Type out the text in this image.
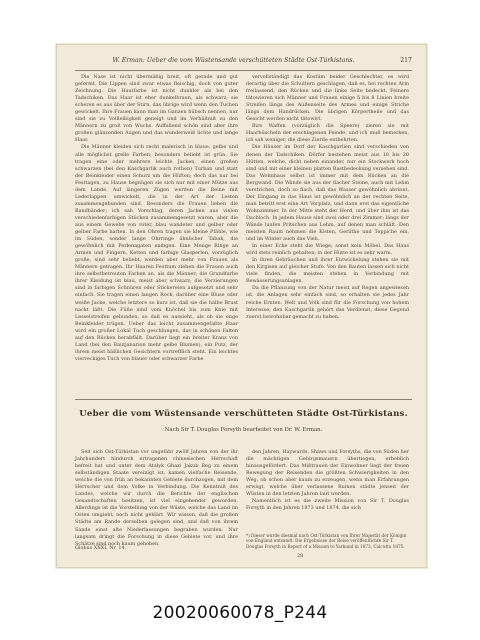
W. Erman: Ueber die vom Wüstensande verschütteten Städte Ost-Türkistans.	217

Die Nase ist nicht übermäßig breit, oft gerade und gut geformt. Die Lippen sind zwar etwas fleischig, doch von guter Zeichnung. Die Hautfarbe ist nicht dunkler als bei den Tadschiken. Das Haar ist eher dunkelbraun, als schwarz; sie scheren es aus über der Stirn, das übrige wird wenn den Tuchen gewickelt. Ihre Frauen kann man im Ganzen hübsch nennen, nur sind sie zu Vollleibigkeit geneigt und im Verhältniß zu den Männern zu groß von Wuchs. Auffallend schön sind aber ihre großen glänzenden Augen und das wunderweiß lichte und lange Haar.

Die Männer kleiden sich recht malerisch in blaue, gelbe und alle möglichst grelle Farben; besonders beliebt ist grün. Sie tragen eine oder mehrere leichte Jacken, einen großen schwarzen (bei den Kaschgarlik auch rothen) Turban und statt der Beinkleider einen Schurz um die Hüften; doch das nur bei Festtagen, zu Hause begnügen sie sich nur mit einer Mütze aus dem Lande. Auf längeren Zügen werden die Beine mit Lederlappen umwickelt, die in der Art der Lesten zusammengebunden sind. Besonders die Frauen lieben die Bandbänder; ich sah Vorschlag, deren Jacken aus vielen verschiedenfarbigen Stücken zusammengesetzt waren, aber die aus einem Gewebe von roter, blau wandeter und gelber oder gelber Farbe hatten. In den Ohren tragen sie kleine Pfähle, wie im Süden, sonder lange Ohrringe ähnlicher Tabak, die gewöhnlich mit Perlenagaten endigen. Eine Menge Ringe an Armen und Fingern, Ketten und farbige Glasperlen, vorzüglich große, sind sehr beliebt, werden aber mehr von Frauen als Männern getragen. Ihr Haaren Festtum ziehen die Frauen auch ihre selbstbetreuten Farben an, als die Männer; die Grundfarbe ihrer Kleidung ist blau, meist aber schwarz; die Verzierungen sind in farbigen Schnüren oder Stickereien aufgesetzt und sehr einfach. Sie tragen einen langen Rock, darüber eine Bluse oder weiße Jacke, welche letztere so kurz ist, daß sie die halbe Brust nackt läßt. Die Füße sind vom Knöchel bis zum Knie mit Lesselstreifen gebunden, so daß es aussieht, als ob sie enge Beinkleider trügen. Ueber das leicht zusammengefaßte Haar wird ein großer Lokal Tuch geschlungen, das in schönen Falten auf den Rücken herabfällt. Darüber liegt ein breiter Kranz von Land (bei den Bautjanarion mehr gelbe Blumen), ein Putz, der ihrem meist häßlichen Gesichtern vortrefflich steht. Ein leichtes vierreckiges Tuch von blauer oder schwarzer Farbe

vervollständigt das Kostüm beider Geschlechter, es wird derartig über die Schultern geschlagen, daß es, bei rechten Arm freilassend, den Rücken und die linke Seite bedeckt. Feinere tätowieren sich Männer und Frauen einige 5 bis 8 Linien breite Streifen längs des Außenseite des Armes und einige Striche längs dem Handrücken. Die übrigen Körpertheile und das Gesicht werden nicht tätowirt.

Ihre Waffen (vorzüglich die Speere) zieren sie mit Haarbüscheln der erschlagenen Feinde, und ich muß bemerken, ich sah weniger, die diese Zierde entbehrten.

Die Häuser im Dorf der Kaschgarlien sind verschieden von denen der Tadschiken. Dörfer bestehen meist aus 10 bis 20 Hütten, welche, dicht neben einander, nur ein Stockwerk hoch sind und mit einer kleinen platten Bastbedeckung versehen sind. Das Wohnhaus selbst ist immer mit dem Rücken an die Bergwand. Die Wände sie aus der flacher Steine, auch mit Lehm verstrichen, doch so flach, daß das Wasser gewöhnlich abrinnt. Der Eingang in das Haus ist gewöhnlich an der rechten Seite, man betritt erst eine Art Vorplatz, und dann erst das eigentliche Wohnzimmer. In der Mitte steht der Herd, und über ihm ist das Dachloch. In jedem Hause sind zwei oder drei Zimmer; längs der Wände laufen Pritschen aus Lehm, auf denen man schläft. Den meisten Raum nehmen die Kisten, Geräthe und Teppiche ein, und im Winter auch das Vieh.

In einer Ecke steht die Wiege; sonst kein Möbel. Das Haus wird stets reinlich gehalten; in der Hütte ist es sehr warm.

In ihren Gebräuchen und ihrer Entwickelung stehen sie mit den Kirgisen auf gleicher Stufe. Von den Bauten lassen sich nicht viele finden, die meisten stehen in Verbindung mit Bewässerungsanlagen.

Da die Pflanzung von der Natur meist auf Regen angewiesen ist, die Anlagen sehr einfach sind, so erhalten sie jedes Jahr reiche Ernten. Welt und Volk sind für die Forschung von hohem Interesse; den Kaschgarlik gehört das Verdienst, diese Gegend zuerst bewohnbar gemacht zu haben.

Ueber die vom Wüstensande verschütteten Städte Ost-Türkistans.
Nach Sir T. Douglas Forsyth bearbeitet von Dr. W. Erman.

Seit sich Ost-Türkistan vor ungefähr zwölf Jahren von der ihr Jahrhundert hindurch ertragenen chinesischen Herrschaft befreit hat und unter dem Atalyk Ghazi Jakub Beg zu einem selbständigen Staate vereinigt ist, kamen vielfache Reisende, welche die von früh an bekannten Gebiete durchzogen, mit dem Herrscher und dem Volke in Verbindung. Die Kenntniß des Landes, welche wir durch die Berichte der englischen Gesandtschaften besitzen, ist viel eingehender geworden. Allerdings ist die Vorstellung von der Wüste, welche das Land im Osten umgiebt, noch nicht geklärt. Wir wissen, daß die großen Städte am Rande derselben gelegen sind, und daß von ihrem Sande einst alte Niederlassungen begraben wurden. Nur langsam dringt die Forschung in diese Gebiete vor, und ihre Schätze sind noch kaum gehoben.

den Jahren, Haywards, Shaws und Forsyths, die von Süden her die mächtigen Gebirgsmauern übertiegen, erheblich hinausgefördert. Das Mißtrauen der Einwohner liegt der freien Bewegung der Reisenden die größten Schwierigkeiten in den Weg, ob schon aber kaum zu erzeugen, wenn man Erfahrungen erwägt, welche über verlassene Ruinen städte jenseit der Wüsten in den letzten Jahren laut werden.

Namentlich ist es die zweite Mission von Sir T. Douglas Forsyth in den Jahren 1873 und 1874, die sich

*) Dieser wurde diesmal nach Ost-Türkistan von Ihrer Majestät der Königin von England entsandt. Die Ergebnisse der Reise veröffentlichte Sir T. Douglas Forsyth in Report of a Mission to Yarkund in 1873, Calcutta 1875.
Globus XXXI. Nr. 14.
28
20020060078_P244
